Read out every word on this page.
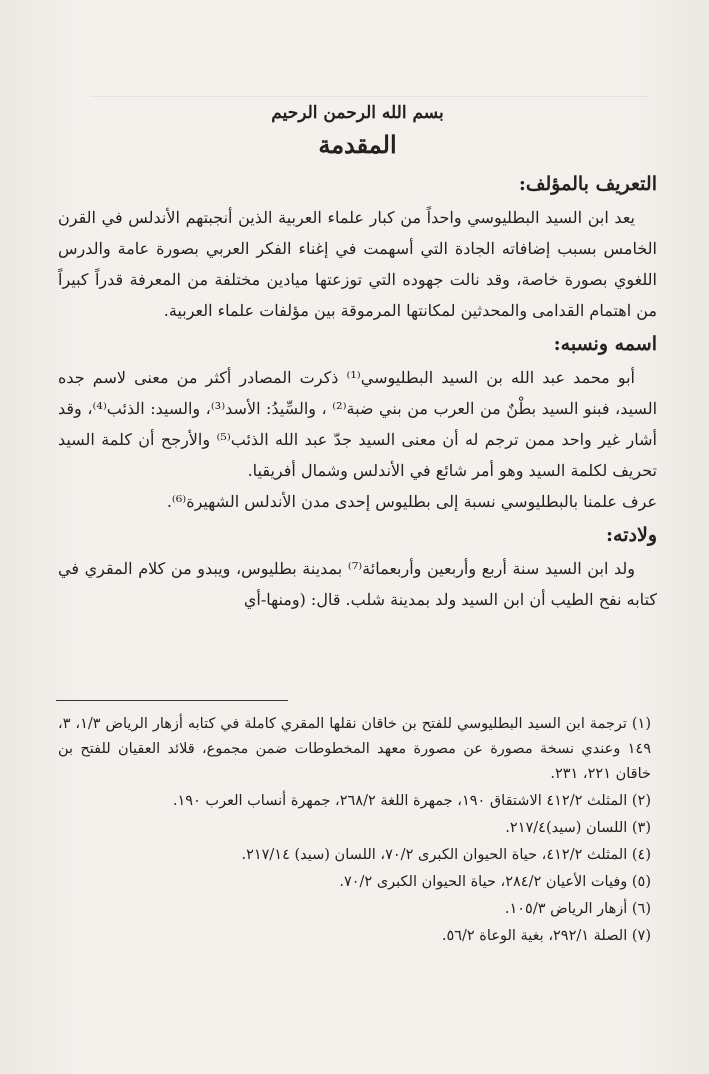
بسم الله الرحمن الرحيم

المقدمة

التعريف بالمؤلف:

يعد ابن السيد البطليوسي واحداً من كبار علماء العربية الذين أنجبتهم الأندلس في القرن الخامس بسبب إضافاته الجادة التي أسهمت في إغناء الفكر العربي بصورة عامة والدرس اللغوي بصورة خاصة، وقد نالت جهوده التي توزعتها ميادين مختلفة من المعرفة قدراً كبيراً من اهتمام القدامى والمحدثين لمكانتها المرموقة بين مؤلفات علماء العربية.

اسمه ونسبه:

أبو محمد عبد الله بن السيد البطليوسي⁽¹⁾ ذكرت المصادر أكثر من معنى لاسم جده السيد، فبنو السيد بطْنٌ من العرب من بني ضبة⁽²⁾ ، والسِّيدُ: الأسد⁽³⁾، والسيد: الذئب⁽⁴⁾، وقد أشار غير واحد ممن ترجم له أن معنى السيد جدّ عبد الله الذئب⁽⁵⁾ والأرجح أن كلمة السيد تحريف لكلمة السيد وهو أمر شائع في الأندلس وشمال أفريقيا.

عرف علمنا بالبطليوسي نسبة إلى بطليوس إحدى مدن الأندلس الشهيرة⁽⁶⁾.

ولادته:

ولد ابن السيد سنة أربع وأربعين وأربعمائة⁽⁷⁾ بمدينة بطليوس، ويبدو من كلام المقري في كتابه نفح الطيب أن ابن السيد ولد بمدينة شلب. قال: (ومنها-أي

(١) ترجمة ابن السيد البطليوسي للفتح بن خاقان نقلها المقري كاملة في كتابه أزهار الرياض ١/٣، ٣، ١٤٩ وعندي نسخة مصورة عن مصورة معهد المخطوطات ضمن مجموع، قلائد العقيان للفتح بن خاقان ٢٢١، ٢٣١.

(٢) المثلث ٤١٢/٢ الاشتقاق ١٩٠، جمهرة اللغة ٢٦٨/٢، جمهرة أنساب العرب ١٩٠.

(٣) اللسان (سيد)٢١٧/٤.

(٤) المثلث ٤١٢/٢، حياة الحيوان الكبرى ٧٠/٢، اللسان (سيد) ٢١٧/١٤.

(٥) وفيات الأعيان ٢٨٤/٢، حياة الحيوان الكبرى ٧٠/٢.

(٦) أزهار الرياض ١٠٥/٣.

(٧) الصلة ٢٩٢/١، بغية الوعاة ٥٦/٢.
